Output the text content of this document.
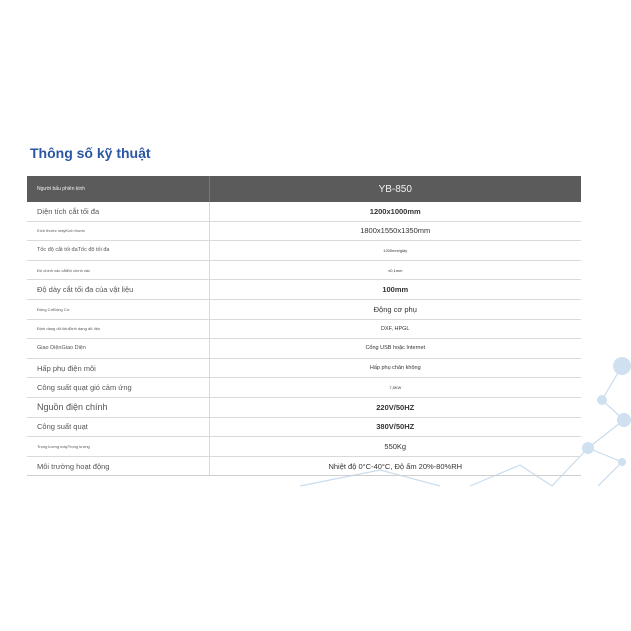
Thông số kỹ thuật
Người bấu phiên kinh	YB-850
Diện tích cắt tối đa	1200x1000mm
Kích thước máyKích thước	1800x1550x1350mm
Tốc độ cắt tối đaTốc độ tối đa	1200mm/giây
Độ chính xác cắtĐộ chính xác	±0,1mm
Độ dày cắt tối đa của vật liệu	100mm
Động CơĐộng Cơ	Động cơ phụ
Định dạng dữ liệuĐịnh dạng dữ liệu	DXF, HPGL
Giao DiệnGiao Diện	Cổng USB hoặc Internet
Hấp phụ điện môi	Hấp phụ chân không
Công suất quạt gió cảm ứng	7,5KW
Nguồn điện chính	220V/50HZ
Công suất quạt	380V/50HZ
Trọng lượng máyTrọng lượng	550Kg
Môi trường hoạt động	Nhiệt độ 0°C-40°C, Độ ẩm 20%-80%RH
